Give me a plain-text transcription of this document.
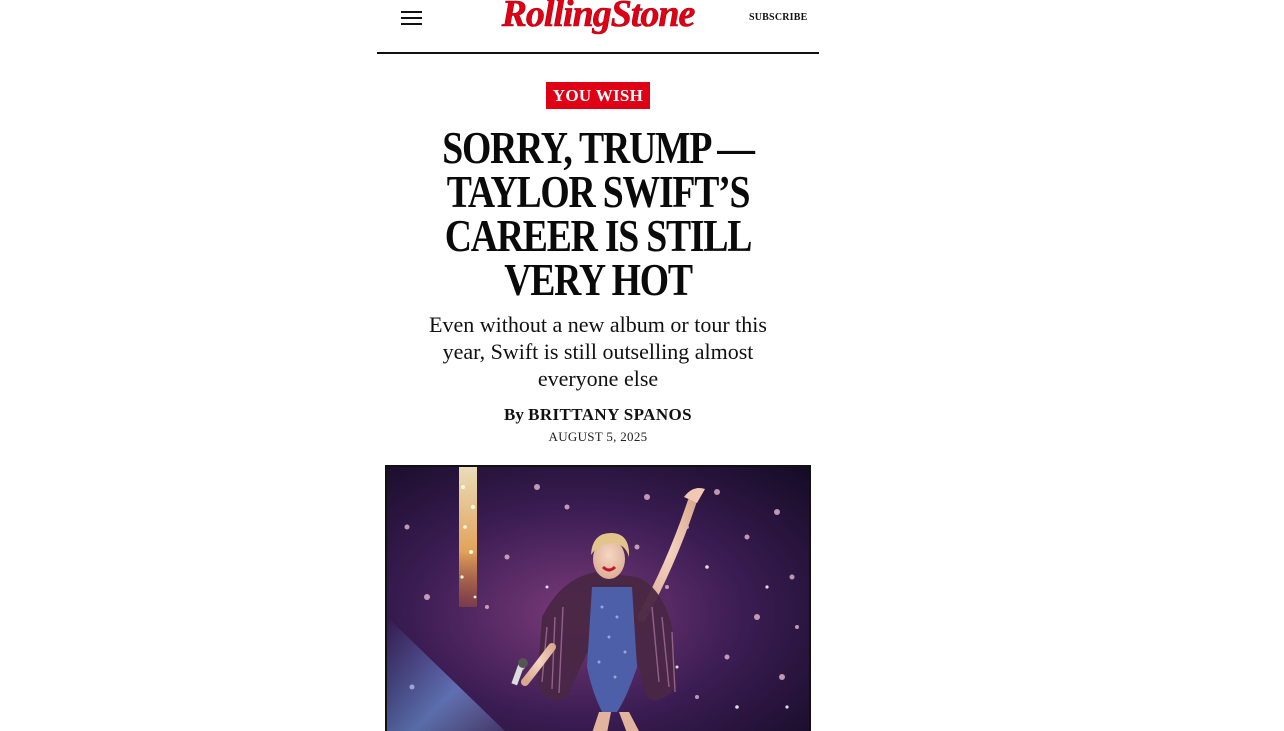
RollingStone	SUBSCRIBE
YOU WISH
SORRY, TRUMP — TAYLOR SWIFT’S CAREER IS STILL VERY HOT

Even without a new album or tour this year, Swift is still outselling almost everyone else

By BRITTANY SPANOS
AUGUST 5, 2025
